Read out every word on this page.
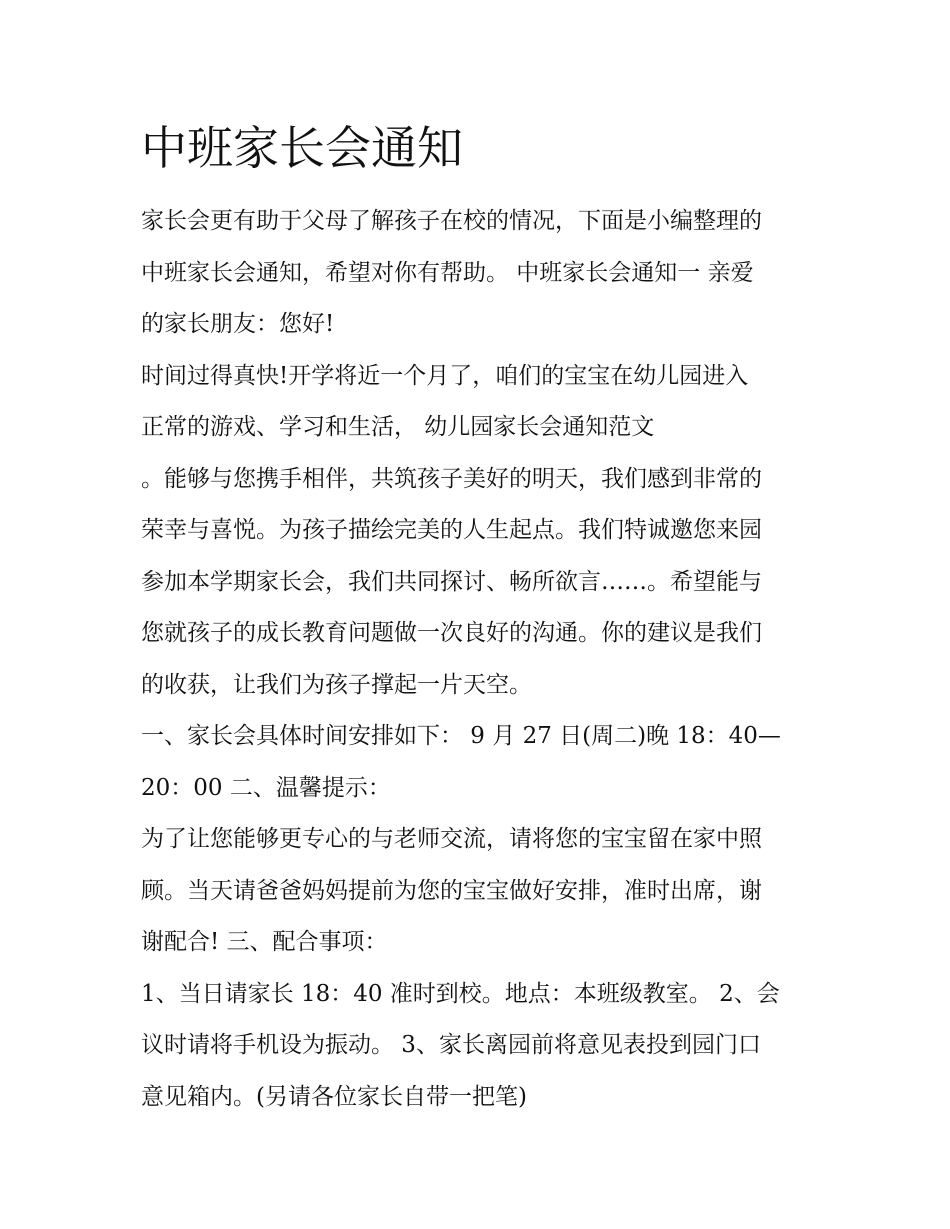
中班家长会通知
家长会更有助于父母了解孩子在校的情况，下面是小编整理的
中班家长会通知，希望对你有帮助。 中班家长会通知一 亲爱
的家长朋友：您好!
时间过得真快!开学将近一个月了，咱们的宝宝在幼儿园进入
正常的游戏、学习和生活， 幼儿园家长会通知范文
。能够与您携手相伴，共筑孩子美好的明天，我们感到非常的
荣幸与喜悦。为孩子描绘完美的人生起点。我们特诚邀您来园
参加本学期家长会，我们共同探讨、畅所欲言……。希望能与
您就孩子的成长教育问题做一次良好的沟通。你的建议是我们
的收获，让我们为孩子撑起一片天空。
一、家长会具体时间安排如下： 9 月 27 日(周二)晚 18：40—
20：00 二、温馨提示：
为了让您能够更专心的与老师交流，请将您的宝宝留在家中照
顾。当天请爸爸妈妈提前为您的宝宝做好安排，准时出席，谢
谢配合! 三、配合事项：
1、当日请家长 18：40 准时到校。地点：本班级教室。 2、会
议时请将手机设为振动。 3、家长离园前将意见表投到园门口
意见箱内。(另请各位家长自带一把笔)
